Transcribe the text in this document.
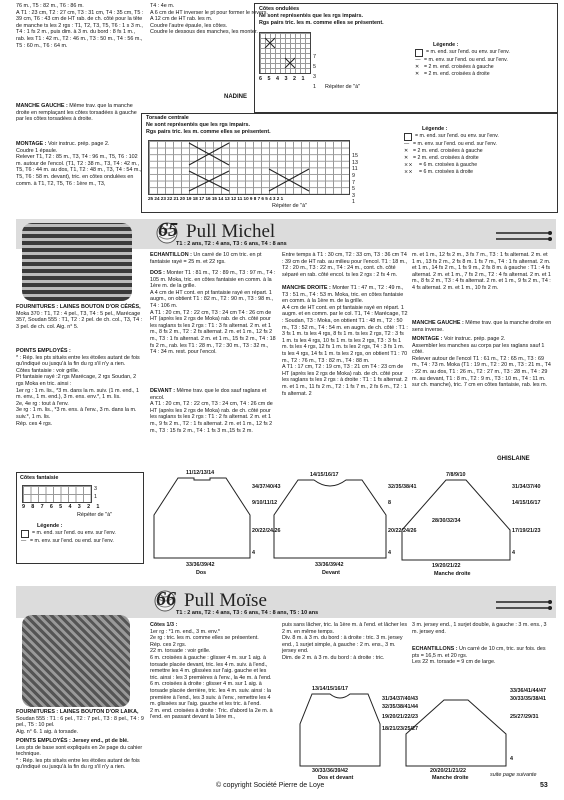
76 m., T5 : 82 m., T6 : 86 m.
A T1 : 23 cm, T2 : 27 cm, T3 : 31 cm, T4 : 35 cm, T5 : 39 cm, T6 : 43 cm de HT rab. de ch. côté pour la tête de manche ts les 2 rgs : T1, T2, T3, T5, T6 : 1 s 3 m., T4 : 1 fs 2 m., puis dim. à 3 m. du bord : 8 fs 1 m., rab. les T1 : 42 m., T2 : 46 m., T3 : 50 m., T4 : 56 m., T5 : 60 m., T6 : 64 m.
MANCHE GAUCHE : Même trav. que la manche droite en remplaçant les côtes torsadées à gauche par les côtes torsadées à droite.
MONTAGE : Voir instruc. prép. page 2.
Coudre 1 épaule.
Relever T1, T2 : 85 m., T3, T4 : 96 m., T5, T6 : 102 m. autour de l'encol. (T1, T2 : 38 m., T3, T4 : 42 m., T5, T6 : 44 m. au dos, T1, T2 : 48 m., T3, T4 : 54 m., T5, T6 : 58 m. devant), tric. en côtes ondulées en comm. à T1, T2, T5, T6 : 1ère m., T3,
T4 : 4e m.
A 6 cm de HT inverser le pt pour former le revers.
A 12 cm de HT rab. les m.
Coudre l'autre épaule, les côtes.
Coudre le dessous des manches, les monter.
NADINE
Côtes ondulées
Ne sont représentés que les rgs impairs.
Rgs pairs tric. les m. comme elles se présentent.

7
5
3
1

6 5 4 3 2 1
Répéter de "à"
Légende :
= m. end. sur l'end. ou env. sur l'env.
— = m. env. sur l'end. ou end. sur l'env.
✕ = 2 m. end. croisées à gauche
✕ = 2 m. end. croisées à droite
Torsade centrale
Ne sont représentés que les rgs impairs.
Rgs pairs tric. les m. comme elles se présentent.

15
13
11
9
7
5
3
1

25 24 23 22 21 20 19 18 17 16 15 14 13 12 11 10 9 8 7 6 5 4 3 2 1
Répéter de "à"
Légende :
= m. end. sur l'end. ou env. sur l'env.
— = m. env. sur l'end. ou end. sur l'env.
✕ = 2 m. end. croisées à gauche
✕ = 2 m. end. croisées à droite
⨯⨯	= 6 m. croisées à gauche
⨯⨯	= 6 m. croisées à droite
65 Pull Michel
T1 : 2 ans, T2 : 4 ans, T3 : 6 ans, T4 : 8 ans
FOURNITURES : LAINES BOUTON D'OR CÉRÈS, Moka 370 : T1, T2 : 4 pel., T3, T4 : 5 pel., Marécage 357, Soudan 555 : T1, T2 : 2 pel. de ch. col., T3, T4 : 3 pel. de ch. col. Aig. n° 5.
POINTS EMPLOYÉS :
* : Rép. les pts situés entre les étoiles autant de fois qu'indiqué ou jusqu'à la fin du rg s'il n'y a rien.
Côtes fantaisie : voir grille.
Pt fantaisie rayé :2 rgs Marécage, 2 rgs Soudan, 2 rgs Moka en tric. ainsi :
1er rg : 1 m. lis., *3 m. dans la m. suiv. (1 m. end., 1 m. env., 1 m. end.), 3 m. ens. env.*, 1 m. lis.
2e, 4e rg : tout à l'env.
3e rg : 1 m. lis., *3 m. ens. à l'env., 3 m. dans la m. suiv.*, 1 m. lis.
Rép. ces 4 rgs.
Côtes fantaisie
3
1
9 8 7 6 5 4 3 2 1
Répéter de "à"
Légende :
= m. end. sur l'end. ou env. sur l'env.
— = m. env. sur l'end. ou end. sur l'env.
ECHANTILLON : Un carré de 10 cm tric. en pt fantaisie rayé = 25 m. et 22 rgs.
DOS : Monter T1 : 81 m., T2 : 89 m., T3 : 97 m., T4 : 105 m. Moka, tric. en côtes fantaisie en comm. à la 1ère m. de la grille.
A 4 cm de HT cont. en pt fantaisie rayé en répart. 1 augm., on obtient T1 : 82 m., T2 : 90 m., T3 : 98 m., T4 : 106 m.
A T1 : 20 cm, T2 : 22 cm, T3 : 24 cm T4 : 26 cm de HT (après les 2 rgs de Moka) rab. de ch. côté pour les raglans ts les 2 rgs : T1 : 3 fs alternat. 2 m. et 1 m., 8 fs 2 m., T2 : 2 fs alternat. 2 m. et 1 m., 12 fs 2 m., T3 : 1 fs alternat. 2 m. et 1 m., 15 fs 2 m., T4 : 18 fs 2 m., rab. les T1 : 28 m., T2 : 30 m., T3 : 32 m., T4 : 34 m. rest. pour l'encol.
DEVANT : Même trav. que le dos sauf raglans et encol.
A T1 : 20 cm, T2 : 22 cm, T3 : 24 cm, T4 : 26 cm de HT (après les 2 rgs de Moka) rab. de ch. côté pour les raglans ts les 2 rgs : T1 : 2 fs alternat. 2 m. et 1 m., 9 fs 2 m., T2 : 1 fs alternat. 2 m. et 1 m., 12 fs 2 m., T3 : 15 fs 2 m., T4 : 1 fs 3 m.,15 fs 2 m.
Entre temps à T1 : 30 cm, T2 : 33 cm, T3 : 36 cm T4 : 39 cm de HT rab. au milieu pour l'encol. T1 : 18 m., T2 : 20 m., T3 : 22 m., T4 : 24 m., cont. ch. côté séparé en rab. côté encol. ts les 2 rgs : 2 fs 4 m.
MANCHE DROITE : Monter T1 : 47 m., T2 : 49 m., T3 : 51 m., T4 : 53 m. Moka, tric. en côtes fantaisie en comm. à la 1ère m. de la grille.
A 4 cm de HT cont. en pt fantaisie rayé en répart. 1 augm. et en comm. par le col. T1, T4 : Marécage, T2 : Soudan, T3 : Moka, on obtient T1 : 48 m., T2 : 50 m., T3 : 52 m., T4 : 54 m. en augm. de ch. côté : T1 : 3 fs 1 m. ts les 4 rgs, 8 fs 1 m. ts les 2 rgs, T2 : 3 fs 1 m. ts les 4 rgs, 10 fs 1 m. ts les 2 rgs, T3 : 3 fs 1 m. ts les 4 rgs, 12 fs 1 m. ts les 2 rgs, T4 : 3 fs 1 m. ts les 4 rgs, 14 fs 1 m. ts les 2 rgs, on obtient T1 : 70 m., T2 : 76 m., T3 : 82 m., T4 : 88 m.
A T1 : 17 cm, T2 : 19 cm, T3 : 21 cm T4 : 23 cm de HT (après les 2 rgs de Moka) rab. de ch. côté pour les raglans ts les 2 rgs : à droite : T1 : 1 fs alternat. 2 m. et 1 m., 11 fs 2 m., T2 : 1 fs 7 m., 2 fs 6 m., T2 : 1 fs alternat. 2
m. et 1 m., 12 fs 2 m., 3 fs 7 m., T3 : 1 fs alternat. 2 m. et 1 m., 13 fs 2 m., 2 fs 8 m. 1 fs 7 m., T4 : 1 fs alternat. 2 m. et 1 m., 14 fs 2 m., 1 fs 9 m., 2 fs 8 m. à gauche : T1 : 4 fs alternat. 2 m. et 1 m., 7 fs 2 m., T2 : 4 fs alternat. 2 m. et 1 m., 8 fs 2 m., T3 : 4 fs alternat. 2 m. et 1 m., 9 fs 2 m., T4 : 4 fs alternat. 2 m. et 1 m., 10 fs 2 m.
MANCHE GAUCHE : Même trav. que la manche droite en sens inverse.
MONTAGE : Voir instruc. prép. page 2.
Assembler les manches au corps par les raglans sauf 1 côté.
Relever autour de l'encol T1 : 61 m., T2 : 65 m., T3 : 69 m., T4 : 73 m. Moka (T1 : 19 m., T2 : 20 m., T3 : 21 m., T4 : 22 m. au dos, T1 : 26 m., T2 : 27 m., T3 : 28 m., T4 : 29 m. au devant, T1 : 8 m., T2 : 9 m., T3 : 10 m., T4 : 11 m. sur ch. manche), tric. 7 cm en côtes fantaisie, rab. les m.
GHISLAINE
11/12/13/14
34/37/40/43
9/10/11/12
20/22/24/26
4
33/36/39/42
Dos
14/15/16/17
32/35/38/41
8
20/22/24/26
4
33/36/39/42
Devant
7/8/9/10
31/34/37/40
14/15/16/17
17/19/21/23
4
28/30/32/34
19/20/21/22
Manche droite
66 Pull Moïse
T1 : 2 ans, T2 : 4 ans, T3 : 6 ans, T4 : 8 ans, T5 : 10 ans
FOURNITURES : LAINES BOUTON D'OR LAIKA, Soudan 555 : T1 : 6 pel., T2 : 7 pel., T3 : 8 pel., T4 : 9 pel., T5 : 10 pel.
Aig. n° 6. 1 aig. à torsade.
POINTS EMPLOYÉS : Jersey end., pt de blé.
Les pts de base sont expliqués en 2e page du cahier technique.
* : Rép. les pts situés entre les étoiles autant de fois qu'indiqué ou jusqu'à la fin du rg s'il n'y a rien.
Côtes 1/3 :
1er rg : *1 m. end., 3 m. env.*
2e rg : tric. les m. comme elles se présentent.
Rép. ces 2 rgs.
22 m. torsade : voir grille.
6 m. croisées à gauche : glisser 4 m. sur 1 aig. à torsade placée devant, tric. les 4 m. suiv. à l'end., remettre les 4 m. glissées sur l'aig. gauche et les tric. ainsi : les 3 premières à l'env., la 4e m. à l'end.
6 m. croisées à droite : glisser 4 m. sur 1 aig. à torsade placée derrière, tric. les 4 m. suiv. ainsi : la première à l'end., les 3 suiv. à l'env., remettre les 4 m. glissées sur l'aig. gauche et les tric. à l'end.
2 m. end. croisées à droite : Tric. d'abord la 2e m. à l'end. en passant devant la 1ère m.,
puis sans lâcher, tric. la 1ère m. à l'end. et lâcher les 2 m. en même temps.
Div. 8 m. à 3 m. du bord : à droite : tric. 3 m. jersey end., 1 surjet simple, à gauche : 2 m. ens., 3 m. jersey end.
Dim. de 2 m. à 3 m. du bord : à droite : tric.
3 m. jersey end., 1 surjet double, à gauche : 3 m. ens., 3 m. jersey end.
ECHANTILLONS : Un carré de 10 cm, tric. sur fois. des pts = 16,5 m. et 20 rgs.
Les 22 m. torsade = 9 cm de large.
13/14/15/16/17
31/34/37/40/43
32/35/38/41/44
19/20/21/22/23
18/21/23/25/27
30/33/36/39/42
Dos et devant
33/36/41/44/47
30/33/35/38/41
25/27/29/31
4
20/20/21/21/22
Manche droite	suite page suivante
© copyright Société Pierre de Loye	53
